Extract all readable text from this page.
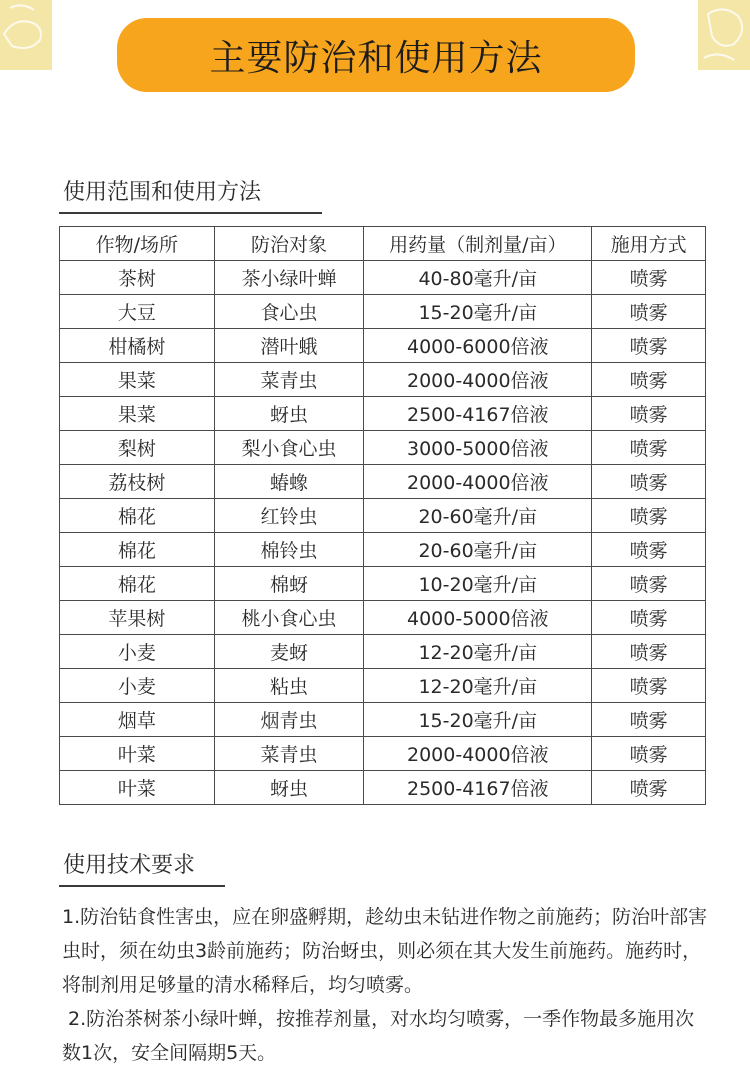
主要防治和使用方法
使用范围和使用方法
作物/场所	防治对象	用药量（制剂量/亩）	施用方式
茶树	茶小绿叶蝉	40-80毫升/亩	喷雾
大豆	食心虫	15-20毫升/亩	喷雾
柑橘树	潜叶蛾	4000-6000倍液	喷雾
果菜	菜青虫	2000-4000倍液	喷雾
果菜	蚜虫	2500-4167倍液	喷雾
梨树	梨小食心虫	3000-5000倍液	喷雾
荔枝树	蝽蟓	2000-4000倍液	喷雾
棉花	红铃虫	20-60毫升/亩	喷雾
棉花	棉铃虫	20-60毫升/亩	喷雾
棉花	棉蚜	10-20毫升/亩	喷雾
苹果树	桃小食心虫	4000-5000倍液	喷雾
小麦	麦蚜	12-20毫升/亩	喷雾
小麦	粘虫	12-20毫升/亩	喷雾
烟草	烟青虫	15-20毫升/亩	喷雾
叶菜	菜青虫	2000-4000倍液	喷雾
叶菜	蚜虫	2500-4167倍液	喷雾
使用技术要求

1.防治钻食性害虫，应在卵盛孵期，趁幼虫未钻进作物之前施药；防治叶部害虫时，须在幼虫3龄前施药；防治蚜虫，则必须在其大发生前施药。施药时，将制剂用足够量的清水稀释后，均匀喷雾。

2.防治茶树茶小绿叶蝉，按推荐剂量，对水均匀喷雾，一季作物最多施用次数1次，安全间隔期5天。
